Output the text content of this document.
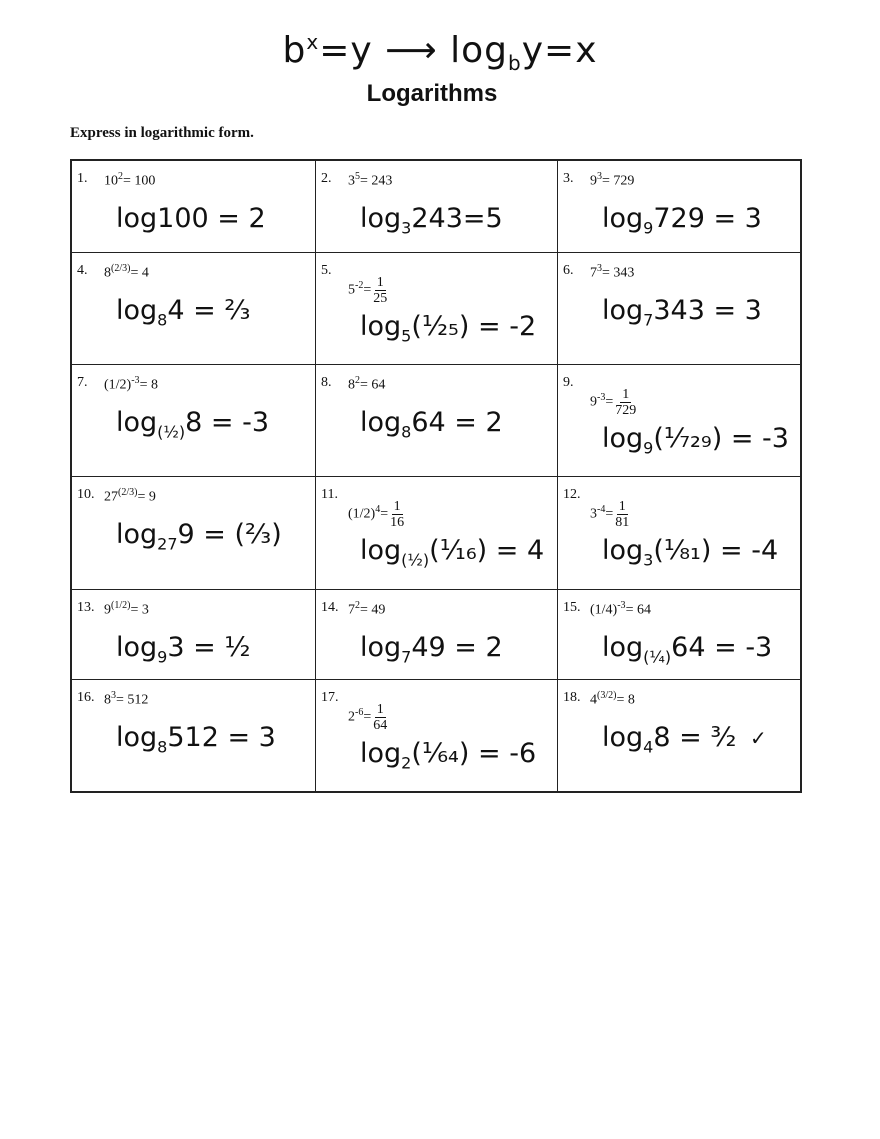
$b^x=y$ ⟶ $\log_by=x$
Logarithms
Express in logarithmic form.
1. $10^2= 100$
log100 = 2
2. $3^5= 243$
$\log_3243=5$
3. $9^3= 729$
$\log_9729 = 3$
4. $8^{(2/3)}= 4$
$\log_84$ = ²⁄₃
5.
$5^{-2}= \frac{1}{25}$
$\log_5(^1⁄_{25}) = -2$
6. $7^3= 343$
$\log_7343 = 3$
7. $(1/2)^{-3}= 8$
$\log_{(\frac{1}{2})}8 = -3$
8. $8^2= 64$
$\log_864 = 2$
9.
$9^{-3}= \frac{1}{729}$
$\log_9(^1⁄_{729}) = -3$
10. $27^{(2/3)}= 9$
$\log_{27}9$ = (²⁄₃)
11.
$(1/2)^4= \frac{1}{16}$
$\log_{(\frac{1}{2})}(^1⁄_{16}) = 4$
12.
$3^{-4}= \frac{1}{81}$
$\log_3(^1⁄_{81}) = -4$
13. $9^{(1/2)}= 3$
$\log_93$ = ½
14. $7^2= 49$
$\log_749 = 2$
15. $(1/4)^{-3}= 64$
$\log_{(\frac{1}{4})}64 = -3$
16. $8^3= 512$
$\log_8512 = 3$
17.
$2^{-6}= \frac{1}{64}$
$\log_2(^1⁄_{64}) = -6$
18. $4^{(3/2)}= 8$
$\log_48$ = ³⁄₂ ✓
